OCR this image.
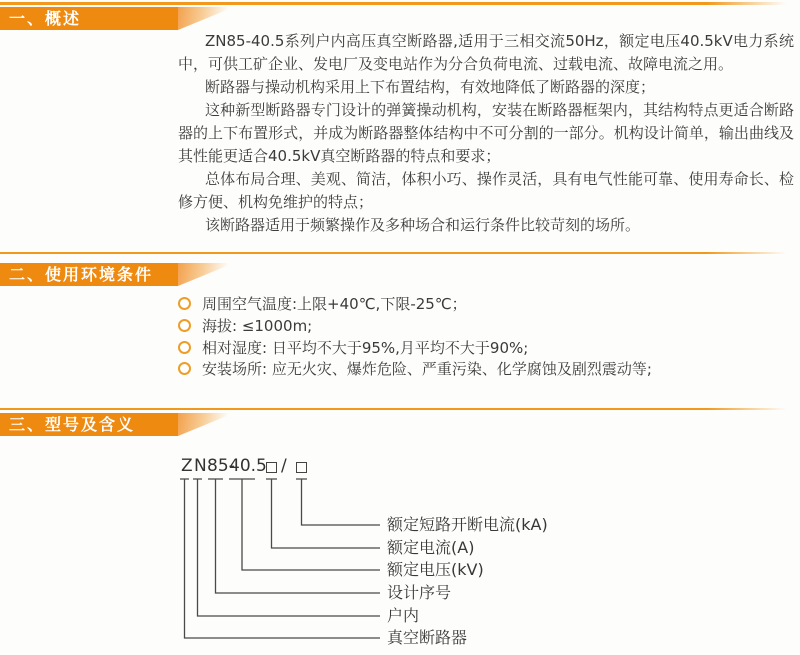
一、概述

ZN85-40.5系列户内高压真空断路器,适用于三相交流50Hz，额定电压40.5kV电力系统中，可供工矿企业、发电厂及变电站作为分合负荷电流、过载电流、故障电流之用。

断路器与操动机构采用上下布置结构，有效地降低了断路器的深度；

这种新型断路器专门设计的弹簧操动机构，安装在断路器框架内，其结构特点更适合断路器的上下布置形式，并成为断路器整体结构中不可分割的一部分。机构设计简单，输出曲线及其性能更适合40.5kV真空断路器的特点和要求；

总体布局合理、美观、简洁，体积小巧、操作灵活，具有电气性能可靠、使用寿命长、检修方便、机构免维护的特点；

该断路器适用于频繁操作及多种场合和运行条件比较苛刻的场所。

二、使用环境条件
周围空气温度:上限+40℃,下限-25℃；
海拔: ≤1000m;
相对湿度: 日平均不大于95%,月平均不大于90%;
安装场所: 应无火灾、爆炸危险、严重污染、化学腐蚀及剧烈震动等;
三、型号及含义
Z N 85-
40.5 /
额定短路开断电流(kA)
额定电流(A)
额定电压(kV)
设计序号
户内
真空断路器
